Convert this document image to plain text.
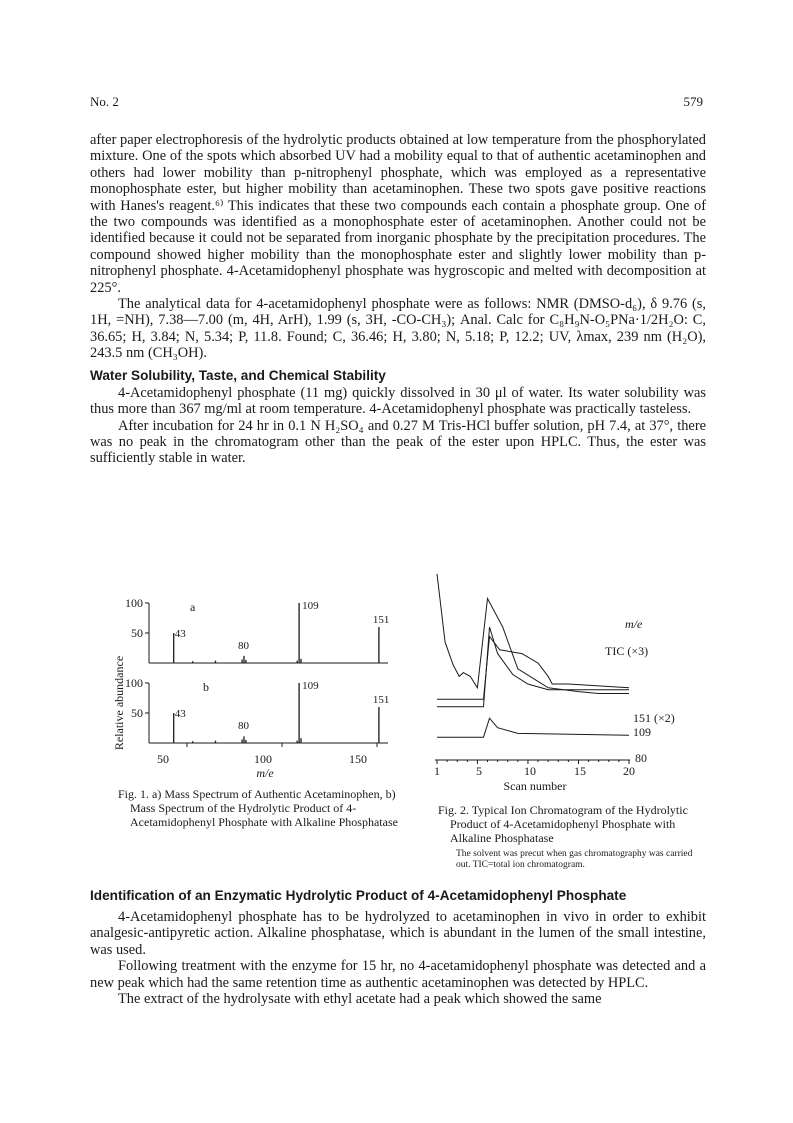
No. 2	579

after paper electrophoresis of the hydrolytic products obtained at low temperature from the phosphorylated mixture. One of the spots which absorbed UV had a mobility equal to that of authentic acetaminophen and others had lower mobility than p-nitrophenyl phosphate, which was employed as a representative monophosphate ester, but higher mobility than acetaminophen. These two spots gave positive reactions with Hanes's reagent.⁶⁾ This indicates that these two compounds each contain a phosphate group. One of the two compounds was identified as a monophosphate ester of acetaminophen. Another could not be identified because it could not be separated from inorganic phosphate by the precipitation procedures. The compound showed higher mobility than the monophosphate ester and slightly lower mobility than p-nitrophenyl phosphate. 4-Acetamidophenyl phosphate was hygroscopic and melted with decomposition at 225°.

The analytical data for 4-acetamidophenyl phosphate were as follows: NMR (DMSO-d₆), δ 9.76 (s, 1H, =NH), 7.38—7.00 (m, 4H, ArH), 1.99 (s, 3H, -CO-CH₃); Anal. Calc for C₈H₉N-O₅PNa·1/2H₂O: C, 36.65; H, 3.84; N, 5.34; P, 11.8. Found; C, 36.46; H, 3.80; N, 5.18; P, 12.2; UV, λmax, 239 nm (H₂O), 243.5 nm (CH₃OH).

Water Solubility, Taste, and Chemical Stability

4-Acetamidophenyl phosphate (11 mg) quickly dissolved in 30 μl of water. Its water solubility was thus more than 367 mg/ml at room temperature. 4-Acetamidophenyl phosphate was practically tasteless.

After incubation for 24 hr in 0.1 N H₂SO₄ and 0.27 M Tris-HCl buffer solution, pH 7.4, at 37°, there was no peak in the chromatogram other than the peak of the ester upon HPLC. Thus, the ester was sufficiently stable in water.

100
50
a
43
80
109
151
100
50
b
43
80
109
151
Relative abundance
50	100	150
m/e

Fig. 1. a) Mass Spectrum of Authentic Acetaminophen, b) Mass Spectrum of the Hydrolytic Product of 4-Acetamidophenyl Phosphate with Alkaline Phosphatase

m/e
TIC (×3)
151 (×2)
109
80
1	5	10	15	20
Scan number

Fig. 2. Typical Ion Chromatogram of the Hydrolytic Product of 4-Acetamidophenyl Phosphate with Alkaline Phosphatase

The solvent was precut when gas chromatography was carried out. TIC=total ion chromatogram.

Identification of an Enzymatic Hydrolytic Product of 4-Acetamidophenyl Phosphate

4-Acetamidophenyl phosphate has to be hydrolyzed to acetaminophen in vivo in order to exhibit analgesic-antipyretic action. Alkaline phosphatase, which is abundant in the lumen of the small intestine, was used.

Following treatment with the enzyme for 15 hr, no 4-acetamidophenyl phosphate was detected and a new peak which had the same retention time as authentic acetaminophen was detected by HPLC.

The extract of the hydrolysate with ethyl acetate had a peak which showed the same
